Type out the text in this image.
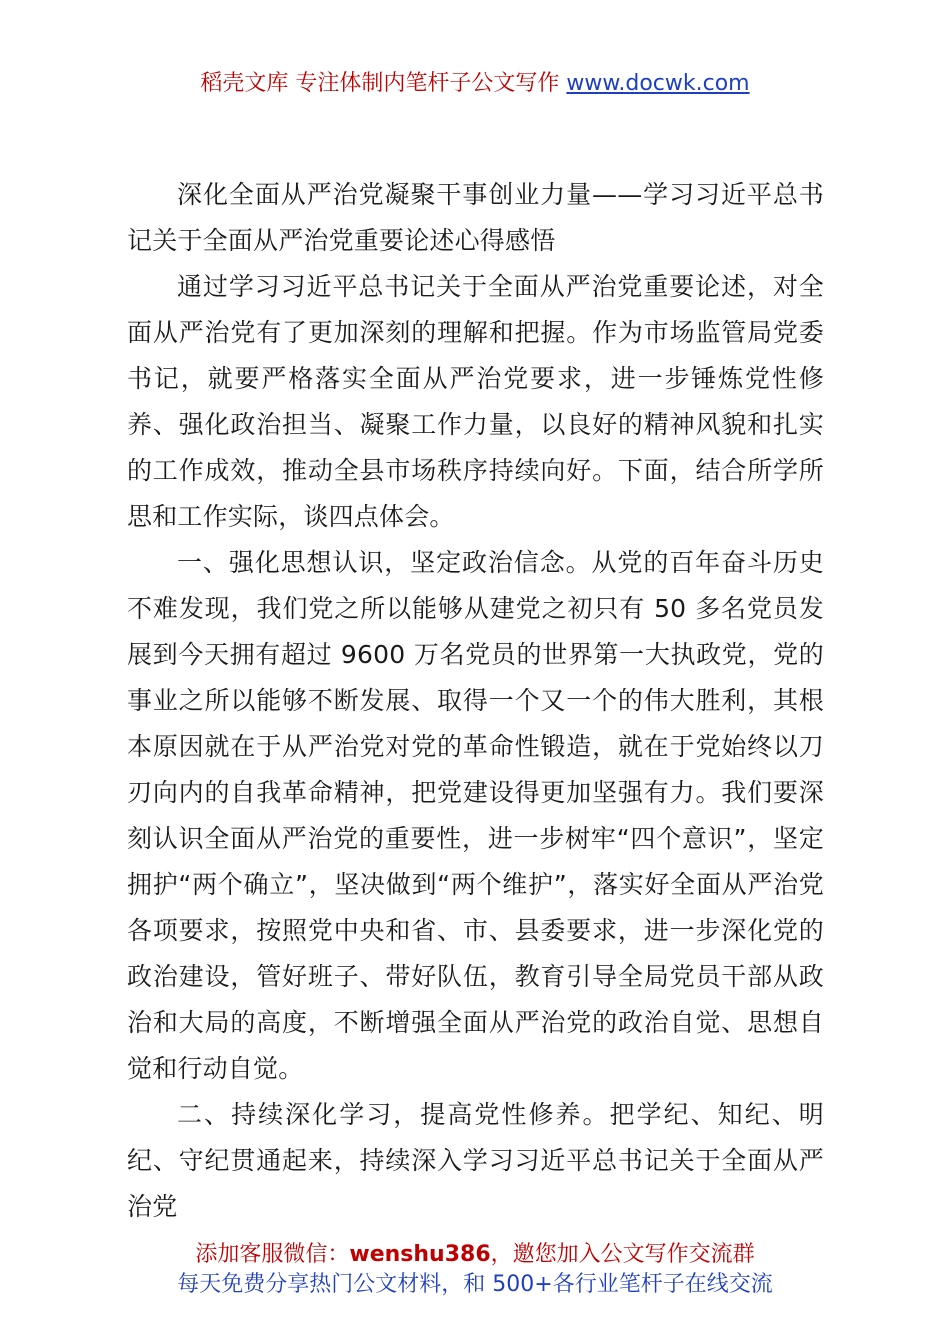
稻壳文库 专注体制内笔杆子公文写作 www.docwk.com

深化全面从严治党凝聚干事创业力量——学习习近平总书记关于全面从严治党重要论述心得感悟

通过学习习近平总书记关于全面从严治党重要论述，对全面从严治党有了更加深刻的理解和把握。作为市场监管局党委书记，就要严格落实全面从严治党要求，进一步锤炼党性修养、强化政治担当、凝聚工作力量，以良好的精神风貌和扎实的工作成效，推动全县市场秩序持续向好。下面，结合所学所思和工作实际，谈四点体会。

一、强化思想认识，坚定政治信念。从党的百年奋斗历史不难发现，我们党之所以能够从建党之初只有 50 多名党员发展到今天拥有超过 9600 万名党员的世界第一大执政党，党的事业之所以能够不断发展、取得一个又一个的伟大胜利，其根本原因就在于从严治党对党的革命性锻造，就在于党始终以刀刃向内的自我革命精神，把党建设得更加坚强有力。我们要深刻认识全面从严治党的重要性，进一步树牢“四个意识”，坚定拥护“两个确立”，坚决做到“两个维护”，落实好全面从严治党各项要求，按照党中央和省、市、县委要求，进一步深化党的政治建设，管好班子、带好队伍，教育引导全局党员干部从政治和大局的高度，不断增强全面从严治党的政治自觉、思想自觉和行动自觉。

二、持续深化学习，提高党性修养。把学纪、知纪、明纪、守纪贯通起来，持续深入学习习近平总书记关于全面从严治党

添加客服微信：wenshu386，邀您加入公文写作交流群
每天免费分享热门公文材料，和 500+各行业笔杆子在线交流
